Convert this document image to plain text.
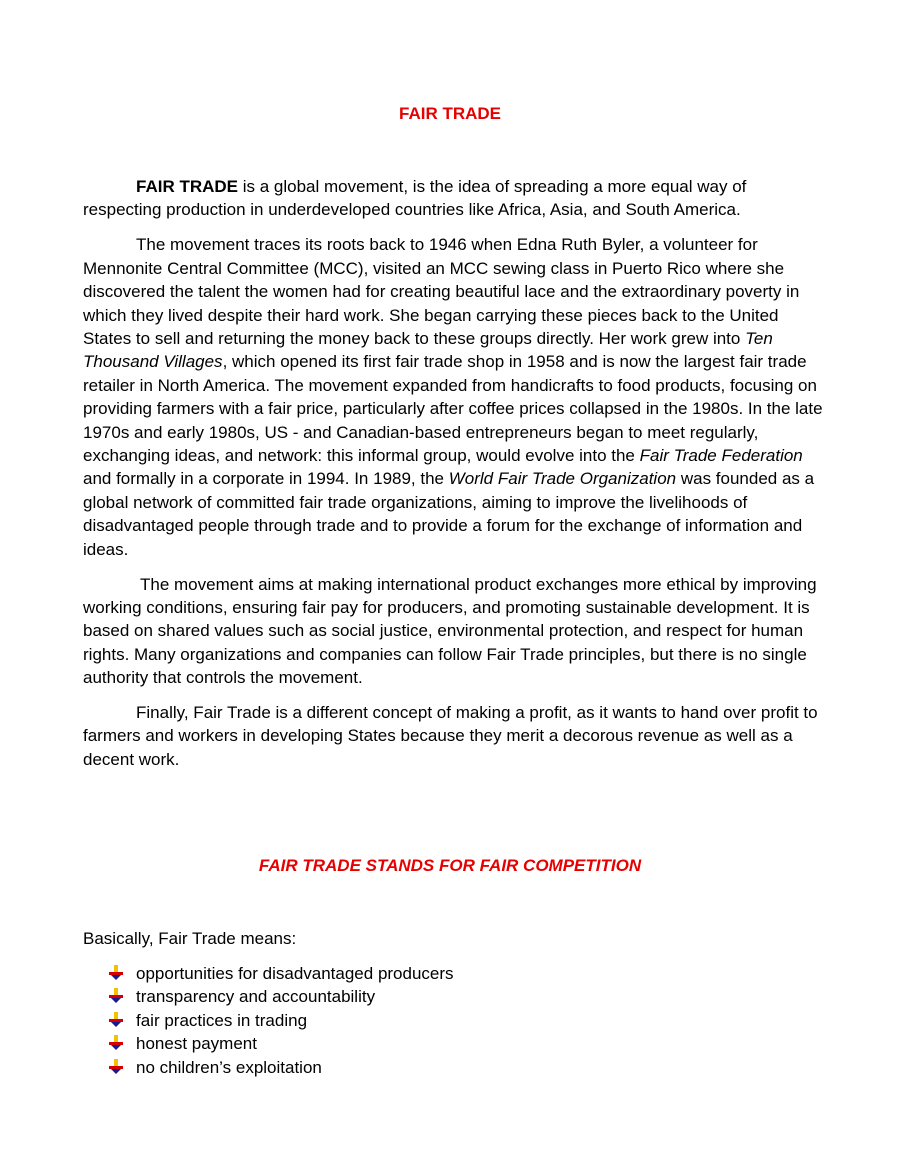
FAIR TRADE

FAIR TRADE is a global movement, is the idea of spreading a more equal way of respecting production in underdeveloped countries like Africa, Asia, and South America.

The movement traces its roots back to 1946 when Edna Ruth Byler, a volunteer for Mennonite Central Committee (MCC), visited an MCC sewing class in Puerto Rico where she discovered the talent the women had for creating beautiful lace and the extraordinary poverty in which they lived despite their hard work. She began carrying these pieces back to the United States to sell and returning the money back to these groups directly. Her work grew into Ten Thousand Villages, which opened its first fair trade shop in 1958 and is now the largest fair trade retailer in North America. The movement expanded from handicrafts to food products, focusing on providing farmers with a fair price, particularly after coffee prices collapsed in the 1980s. In the late 1970s and early 1980s, US - and Canadian-based entrepreneurs began to meet regularly, exchanging ideas, and network: this informal group, would evolve into the Fair Trade Federation and formally in a corporate in 1994. In 1989, the World Fair Trade Organization was founded as a global network of committed fair trade organizations, aiming to improve the livelihoods of disadvantaged people through trade and to provide a forum for the exchange of information and ideas.

The movement aims at making international product exchanges more ethical by improving working conditions, ensuring fair pay for producers, and promoting sustainable development. It is based on shared values such as social justice, environmental protection, and respect for human rights. Many organizations and companies can follow Fair Trade principles, but there is no single authority that controls the movement.

Finally, Fair Trade is a different concept of making a profit, as it wants to hand over profit to farmers and workers in developing States because they merit a decorous revenue as well as a decent work.

FAIR TRADE STANDS FOR FAIR COMPETITION

Basically, Fair Trade means:

opportunities for disadvantaged producers
transparency and accountability
fair practices in trading
honest payment
no children’s exploitation
